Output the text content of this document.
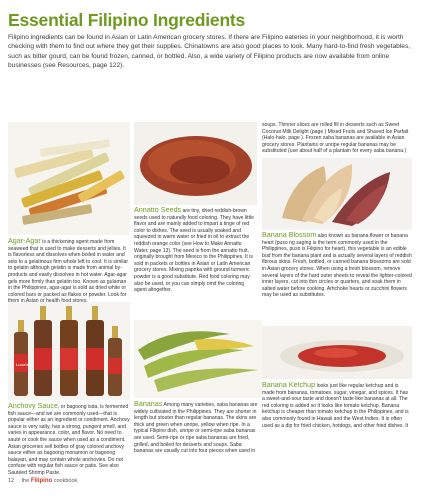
Essential Filipino Ingredients
Filipino ingredients can be found in Asian or Latin American grocery stores. If there are Filipino eateries in your neighborhood, it is worth checking with them to find out where they get their supplies. Chinatowns are also good places to look. Many hard-to-find fresh vegetables, such as bitter gourd, can be found frozen, canned, or bottled. Also, a wide variety of Filipino products are now available from online businesses (see Resources, page 122).
Lucia's
soups. Thinner slices are rolled fill in desserts such as Sweet Coconut Milk Delight (page ) Mixed Fruits and Shaved Ice Parfait (Halo-halo, page ). Frozen saba bananas are available in Asian grocery stores. Plantains or unripe regular bananas may be substituted (use about half of a plantain for every saba banana.)
Agar-Agar is a thickening agent made from seaweed that is used to make desserts and jellies. It is flavorless and dissolves when boiled in water and sets to a gelatinous firm whole left to cool. It is similar to gelatin although gelatin is made from animal by-products and easily dissolves in hot water. Agar-agar gels more firmly than gelatin too. Known as gulaman in the Philippines, agar-agar is sold as dried white or colored bars or packed as flakes or powder. Look for them in Asian or health food stores.
Annatto Seeds are tiny, dried reddish-brown seeds used to naturally food coloring. They have little flavor and are mainly added to impart a tinge of red color to dishes. The seed is usually soaked and squeezed in warm water or fried in oil to extract the reddish orange color (see How to Make Annatto Water, page 13). The seed is from the annatto fruit, originally brought from Mexico to the Philippines. It is sold in packets or bottles in Asian or Latin American grocery stores. Mixing paprika with ground turmeric powder is a good substitute. Red food coloring may also be used, or you can simply omit the coloring agent altogether.
Banana Blossom also known as banana flower or banana heart (puso ng saging is the term commonly used in the Philippines, puso is Filipino for heart), this vegetable is an edible bud from the banana plant and is actually several layers of reddish fibrous skins. Fresh, bottled, or canned banana blossoms are sold in Asian grocery stores. When using a fresh blossom, remove several layers of the hard outer sheets to reveal the lighter-colored inner layers, cut into thin circles or quarters, and soak them in salted water before cooking. Artichoke hearts or zucchini flowers may be used as substitutes.
Anchovy Sauce, or bagoong isda, is fermented fish sauce—and we are commonly used—that is popular either as an ingredient or condiment. Anchovy sauce is very salty, has a strong, pungent smell, and varies in appearance, color, and flavor. No need to sauté or cook the sauce when used as a condiment. Asian groceries sell bottles of gray colored anchovy sauce either as bagoong monamon or bagoong balayan, and may contain whole anchovies. Do not confuse with regular fish sauce or patis. See also Sautéed Shrimp Paste.
Bananas Among many varieties, saba bananas are widely cultivated in the Philippines. They are shorter in length but stouter than regular bananas. The skins are thick and green when unripe, yellow when ripe. In a typical Filipino dish, unripe or semi-ripe saba bananas are used. Semi-ripe or ripe saba bananas are fried, grilled, and boiled for desserts and soups. Saba bananas are usually cut into four pieces when used in
Banana Ketchup looks just like regular ketchup and is made from bananas, tomatoes, sugar, vinegar, and spices. It has a sweet-and-sour taste and doesn't taste like bananas at all. The red coloring is added so it looks like tomato ketchup. Banana ketchup is cheaper than tomato ketchup in the Philippines, and is also commonly found in Hawaii and the West Indies. It is often used as a dip for fried chicken, hotdogs, and other fried dishes. It
12 the Filipino cookbook
